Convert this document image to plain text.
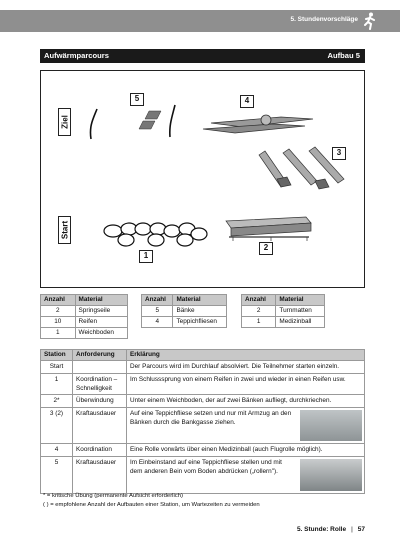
5. Stundenvorschläge
Aufwärmparcours	Aufbau 5
Ziel
Start
5	4
3
2
1
Anzahl	Material
2	Springseile
10	Reifen
1	Weichboden
Anzahl	Material
5	Bänke
4	Teppichfliesen
Anzahl	Material
2	Turnmatten
1	Medizinball
Station	Anforderung	Erklärung
Start		Der Parcours wird im Durchlauf absolviert. Die Teilnehmer starten einzeln.
1	Koordination – Schnelligkeit	Im Schlusssprung von einem Reifen in zwei und wieder in einen Reifen usw.
2*	Überwindung	Unter einem Weichboden, der auf zwei Bänken aufliegt, durchkriechen.
3 (2)	Kraftausdauer	Auf eine Teppichfliese setzen und nur mit Armzug an den Bänken durch die Bankgasse ziehen.

4	Koordination	Eine Rolle vorwärts über einen Medizinball (auch Flugrolle möglich).
5	Kraftausdauer	Im Einbeinstand auf eine Teppichfliese stellen und mit dem anderen Bein vom Boden abdrücken („rollern").
* = kritische Übung (permanente Aufsicht erforderlich)
( ) = empfohlene Anzahl der Aufbauten einer Station, um Wartezeiten zu vermeiden
5. Stunde: Rolle | 57
